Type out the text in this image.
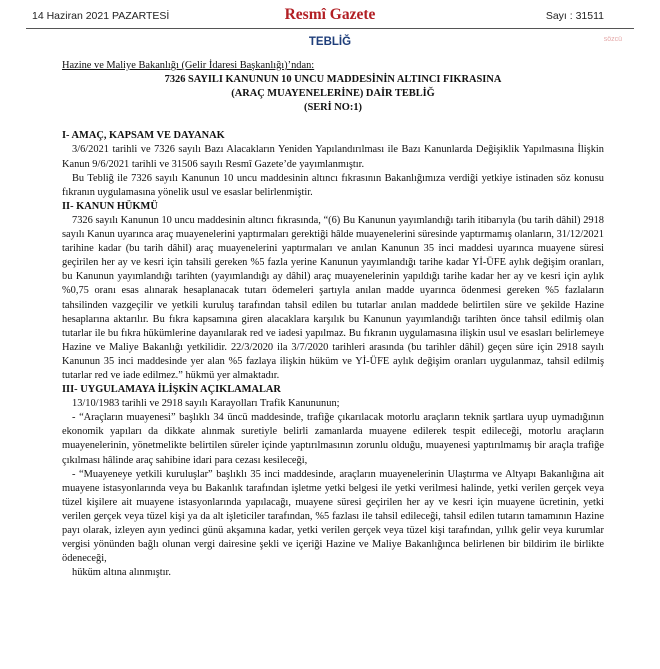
14 Haziran 2021 PAZARTESİ	Resmî Gazete	Sayı : 31511
TEBLİĞ	sözcü

Hazine ve Maliye Bakanlığı (Gelir İdaresi Başkanlığı)’ndan:

7326 SAYILI KANUNUN 10 UNCU MADDESİNİN ALTINCI FIKRASINA

(ARAÇ MUAYENELERİNE) DAİR TEBLİĞ

(SERİ NO:1)

I- AMAÇ, KAPSAM VE DAYANAK

3/6/2021 tarihli ve 7326 sayılı Bazı Alacakların Yeniden Yapılandırılması ile Bazı Kanunlarda Değişiklik Yapılmasına İlişkin Kanun 9/6/2021 tarihli ve 31506 sayılı Resmî Gazete’de yayımlanmıştır.

Bu Tebliğ ile 7326 sayılı Kanunun 10 uncu maddesinin altıncı fıkrasının Bakanlığımıza verdiği yetkiye istinaden söz konusu fıkranın uygulamasına yönelik usul ve esaslar belirlenmiştir.

II- KANUN HÜKMÜ

7326 sayılı Kanunun 10 uncu maddesinin altıncı fıkrasında, “(6) Bu Kanunun yayımlandığı tarih itibarıyla (bu tarih dâhil) 2918 sayılı Kanun uyarınca araç muayenelerini yaptırmaları gerektiği hâlde muayenelerini süresinde yaptırmamış olanların, 31/12/2021 tarihine kadar (bu tarih dâhil) araç muayenelerini yaptırmaları ve anılan Kanunun 35 inci maddesi uyarınca muayene süresi geçirilen her ay ve kesri için tahsili gereken %5 fazla yerine Kanunun yayımlandığı tarihe kadar Yİ-ÜFE aylık değişim oranları, bu Kanunun yayımlandığı tarihten (yayımlandığı ay dâhil) araç muayenelerinin yapıldığı tarihe kadar her ay ve kesri için aylık %0,75 oranı esas alınarak hesaplanacak tutarı ödemeleri şartıyla anılan madde uyarınca ödenmesi gereken %5 fazlaların tahsilinden vazgeçilir ve yetkili kuruluş tarafından tahsil edilen bu tutarlar anılan maddede belirtilen süre ve şekilde Hazine hesaplarına aktarılır. Bu fıkra kapsamına giren alacaklara karşılık bu Kanunun yayımlandığı tarihten önce tahsil edilmiş olan tutarlar ile bu fıkra hükümlerine dayanılarak red ve iadesi yapılmaz. Bu fıkranın uygulamasına ilişkin usul ve esasları belirlemeye Hazine ve Maliye Bakanlığı yetkilidir. 22/3/2020 ila 3/7/2020 tarihleri arasında (bu tarihler dâhil) geçen süre için 2918 sayılı Kanunun 35 inci maddesinde yer alan %5 fazlaya ilişkin hüküm ve Yİ-ÜFE aylık değişim oranları uygulanmaz, tahsil edilmiş tutarlar red ve iade edilmez.” hükmü yer almaktadır.

III- UYGULAMAYA İLİŞKİN AÇIKLAMALAR

13/10/1983 tarihli ve 2918 sayılı Karayolları Trafik Kanununun;

- “Araçların muayenesi” başlıklı 34 üncü maddesinde, trafiğe çıkarılacak motorlu araçların teknik şartlara uyup uymadığının ekonomik yapıları da dikkate alınmak suretiyle belirli zamanlarda muayene edilerek tespit edileceği, motorlu araçların muayenelerinin, yönetmelikte belirtilen süreler içinde yaptırılmasının zorunlu olduğu, muayenesi yaptırılmamış bir araçla trafiğe çıkılması hâlinde araç sahibine idari para cezası kesileceği,

- “Muayeneye yetkili kuruluşlar” başlıklı 35 inci maddesinde, araçların muayenelerinin Ulaştırma ve Altyapı Bakanlığına ait muayene istasyonlarında veya bu Bakanlık tarafından işletme yetki belgesi ile yetki verilmesi halinde, yetki verilen gerçek veya tüzel kişilere ait muayene istasyonlarında yapılacağı, muayene süresi geçirilen her ay ve kesri için muayene ücretinin, yetki verilen gerçek veya tüzel kişi ya da alt işleticiler tarafından, %5 fazlası ile tahsil edileceği, tahsil edilen tutarın tamamının Hazine payı olarak, izleyen ayın yedinci günü akşamına kadar, yetki verilen gerçek veya tüzel kişi tarafından, yıllık gelir veya kurumlar vergisi yönünden bağlı olunan vergi dairesine şekli ve içeriği Hazine ve Maliye Bakanlığınca belirlenen bir bildirim ile birlikte ödeneceği,

hüküm altına alınmıştır.
